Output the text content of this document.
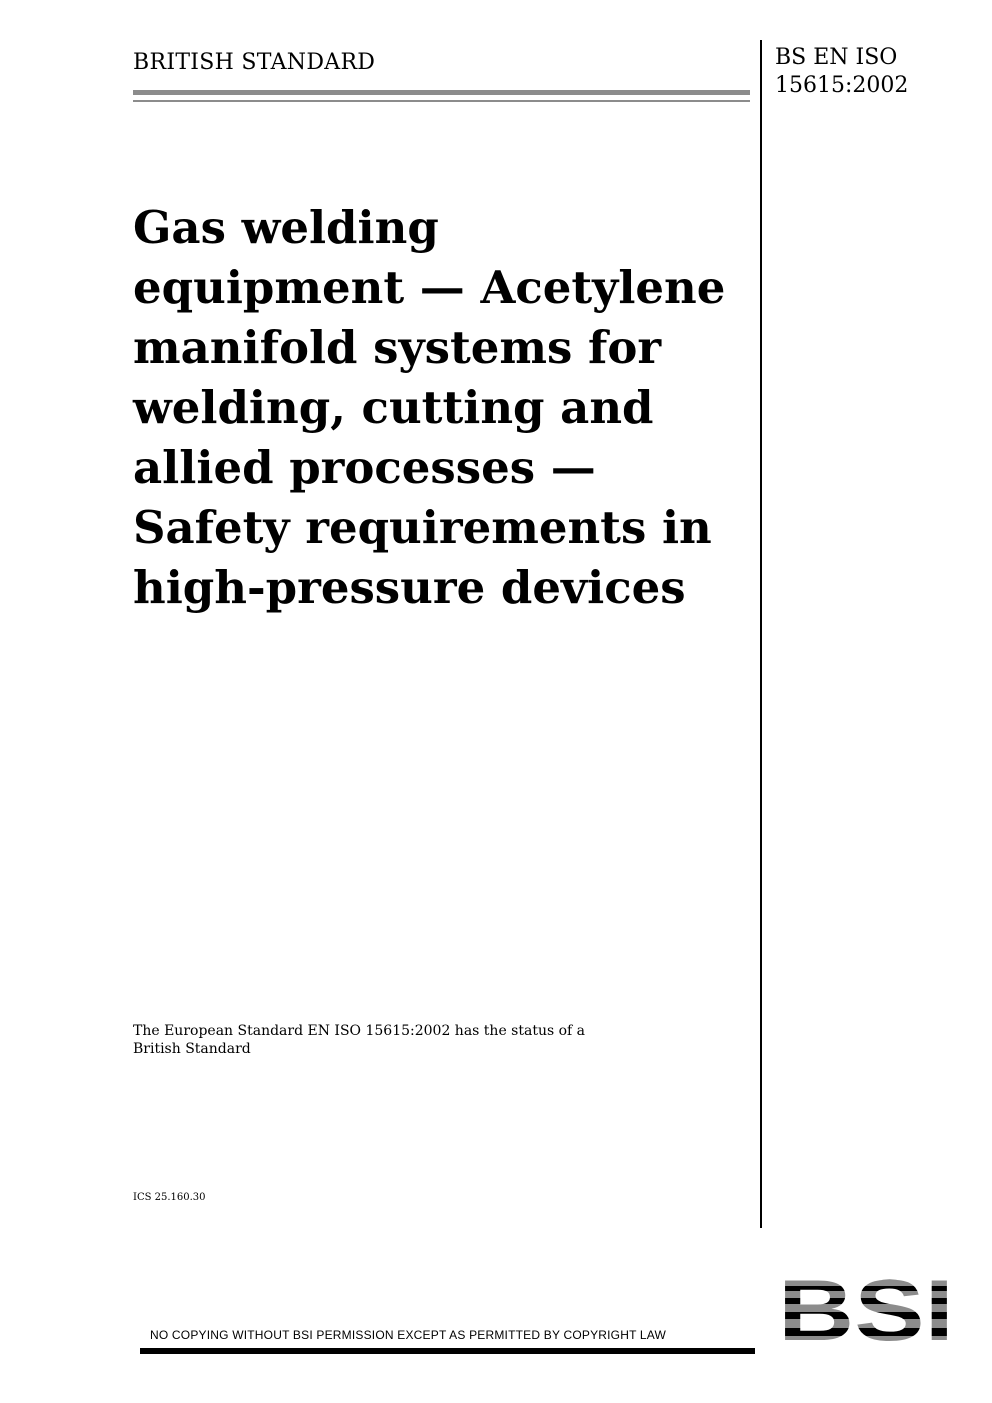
BRITISH STANDARD	BS EN ISO
15615:2002
Gas welding
equipment — Acetylene
manifold systems for
welding, cutting and
allied processes —
Safety requirements in
high-pressure devices
The European Standard EN ISO 15615:2002 has the status of a
British Standard
ICS 25.160.30
NO COPYING WITHOUT BSI PERMISSION EXCEPT AS PERMITTED BY COPYRIGHT LAW
